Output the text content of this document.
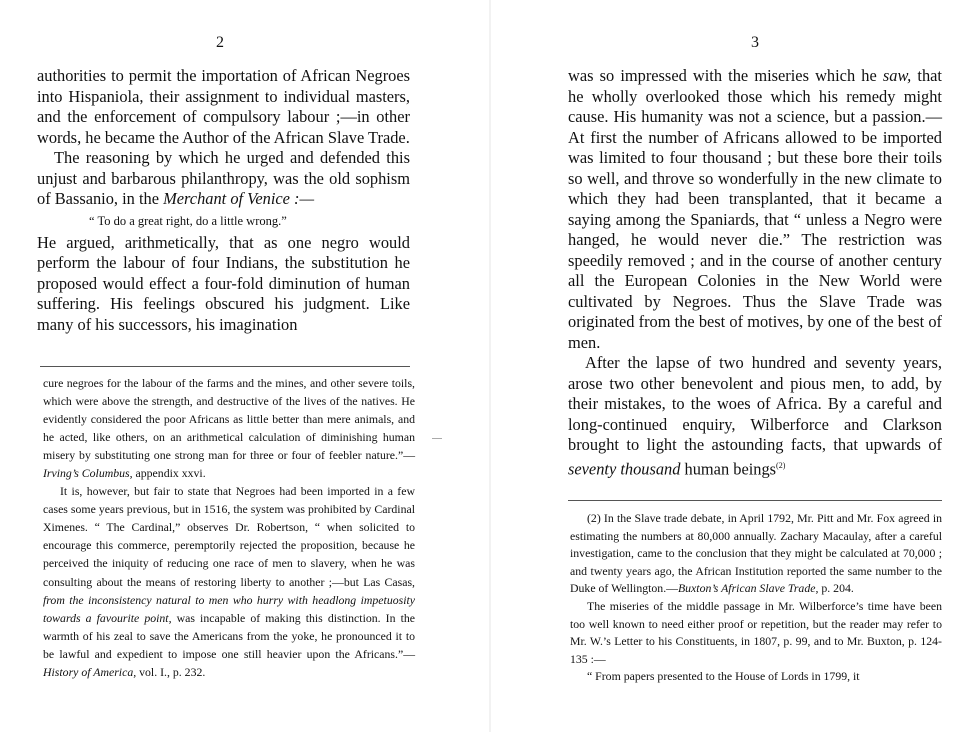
2

authorities to permit the importation of African Negroes into Hispaniola, their assignment to individual masters, and the enforcement of compulsory labour ;—in other words, he became the Author of the African Slave Trade.

The reasoning by which he urged and defended this unjust and barbarous philanthropy, was the old sophism of Bassanio, in the Merchant of Venice :—

“ To do a great right, do a little wrong.”

He argued, arithmetically, that as one negro would perform the labour of four Indians, the substitution he proposed would effect a four-fold diminution of human suffering. His feelings obscured his judgment. Like many of his successors, his imagination

cure negroes for the labour of the farms and the mines, and other severe toils, which were above the strength, and destructive of the lives of the natives. He evidently considered the poor Africans as little better than mere animals, and he acted, like others, on an arithmetical calculation of diminishing human misery by substituting one strong man for three or four of feebler nature.”— Irving’s Columbus, appendix xxvi.

It is, however, but fair to state that Negroes had been imported in a few cases some years previous, but in 1516, the system was prohibited by Cardinal Ximenes. “ The Cardinal,” observes Dr. Robertson, “ when solicited to encourage this commerce, peremptorily rejected the proposition, because he perceived the iniquity of reducing one race of men to slavery, when he was consulting about the means of restoring liberty to another ;—but Las Casas, from the inconsistency natural to men who hurry with headlong impetuosity towards a favourite point, was incapable of making this distinction. In the warmth of his zeal to save the Americans from the yoke, he pronounced it to be lawful and expedient to impose one still heavier upon the Africans.”—History of America, vol. I., p. 232.

3

was so impressed with the miseries which he saw, that he wholly overlooked those which his remedy might cause. His humanity was not a science, but a passion.—At first the number of Africans allowed to be imported was limited to four thousand ; but these bore their toils so well, and throve so wonderfully in the new climate to which they had been transplanted, that it became a saying among the Spaniards, that “ unless a Negro were hanged, he would never die.” The restriction was speedily removed ; and in the course of another century all the European Colonies in the New World were cultivated by Negroes. Thus the Slave Trade was originated from the best of motives, by one of the best of men.

After the lapse of two hundred and seventy years, arose two other benevolent and pious men, to add, by their mistakes, to the woes of Africa. By a careful and long-continued enquiry, Wilberforce and Clarkson brought to light the astounding facts, that upwards of seventy thousand human beings$^{(2)}$

(2) In the Slave trade debate, in April 1792, Mr. Pitt and Mr. Fox agreed in estimating the numbers at 80,000 annually. Zachary Macaulay, after a careful investigation, came to the conclusion that they might be calculated at 70,000 ; and twenty years ago, the African Institution reported the same number to the Duke of Wellington.—Buxton’s African Slave Trade, p. 204.

The miseries of the middle passage in Mr. Wilberforce’s time have been too well known to need either proof or repetition, but the reader may refer to Mr. W.’s Letter to his Constituents, in 1807, p. 99, and to Mr. Buxton, p. 124-135 :—

“ From papers presented to the House of Lords in 1799, it
